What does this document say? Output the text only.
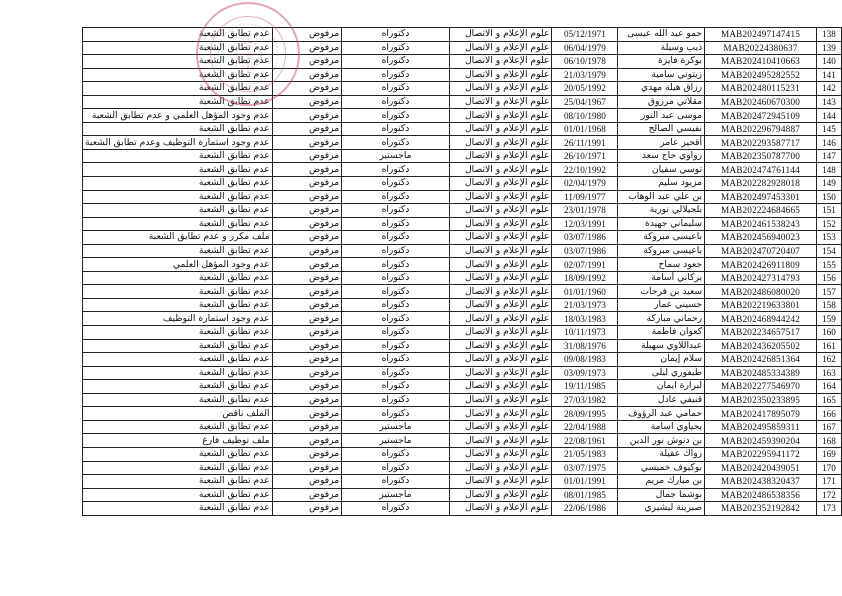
عدم تطابق الشعبة	مرفوض	دكتوراه	علوم الإعلام و الاتصال	05/12/1971	حمو عبد الله عيسى	MAB202497147415	138
عدم تطابق الشعبة	مرفوض	دكتوراه	علوم الإعلام و الاتصال	06/04/1979	ذيب وسيلة	MAB20224380637	139
عدم تطابق الشعبة	مرفوض	دكتوراه	علوم الإعلام و الاتصال	06/10/1978	بوكرة فايزة	MAB202410410663	140
عدم تطابق الشعبة	مرفوض	دكتوراه	علوم الإعلام و الاتصال	21/03/1979	زيتوني سامية	MAB202495282552	141
عدم تطابق الشعبة	مرفوض	دكتوراه	علوم الإعلام و الاتصال	20/05/1992	رزاق هيلة مهدي	MAB202480115231	142
عدم تطابق الشعبة	مرفوض	دكتوراه	علوم الإعلام و الاتصال	25/04/1967	مقلاتي مرزوق	MAB202460670300	143
عدم وجود المؤهل العلمي و عدم تطابق الشعبة	مرفوض	دكتوراه	علوم الإعلام و الاتصال	08/10/1980	موسى عبد النور	MAB202472945109	144
عدم تطابق الشعبة	مرفوض	دكتوراه	علوم الإعلام و الاتصال	01/01/1968	نفيسي الصالح	MAB202296794887	145
عدم وجود استمارة التوظيف وعدم تطابق الشعبة	مرفوض	دكتوراه	علوم الإعلام و الاتصال	26/11/1991	أقحيز عامر	MAB202293587717	146
عدم تطابق الشعبة	مرفوض	ماجستير	علوم الإعلام و الاتصال	26/10/1971	زواوي حاج سعد	MAB202350787700	147
عدم تطابق الشعبة	مرفوض	دكتوراه	علوم الإعلام و الاتصال	22/10/1992	توسي سفيان	MAB202474761144	148
عدم تطابق الشعبة	مرفوض	دكتوراه	علوم الإعلام و الاتصال	02/04/1979	مزيود سليم	MAB202282928018	149
عدم تطابق الشعبة	مرفوض	دكتوراه	علوم الإعلام و الاتصال	11/09/1977	بن علي عبد الوهاب	MAB202497453301	150
عدم تطابق الشعبة	مرفوض	دكتوراه	علوم الإعلام و الاتصال	23/01/1978	بلجيلالي نورية	MAB202224684665	151
عدم تطابق الشعبة	مرفوض	دكتوراه	علوم الإعلام و الاتصال	12/03/1991	سليماني جهيدة	MAB202461538243	152
ملف مكرر و عدم تطابق الشعبة	مرفوض	دكتوراه	علوم الإعلام و الاتصال	03/07/1986	باعيسى مبروكة	MAB202456940023	153
عدم تطابق الشعبة	مرفوض	دكتوراه	علوم الإعلام و الاتصال	03/07/1986	باعيسى مبروكة	MAB202470720407	154
عدم وجود المؤهل العلمي	مرفوض	دكتوراه	علوم الإعلام و الاتصال	02/07/1991	جعود سماح	MAB202426911809	155
عدم تطابق الشعبة	مرفوض	دكتوراه	علوم الإعلام و الاتصال	18/09/1992	بركاني أسامة	MAB202427314793	156
عدم تطابق الشعبة	مرفوض	دكتوراه	علوم الإعلام و الاتصال	01/01/1960	سعيد بن فرحات	MAB202486080020	157
عدم تطابق الشعبة	مرفوض	دكتوراه	علوم الإعلام و الاتصال	21/03/1973	حسيني عمار	MAB202219633801	158
عدم وجود استمارة التوظيف	مرفوض	دكتوراه	علوم الإعلام و الاتصال	18/03/1983	رحماني مباركة	MAB202468944242	159
عدم تطابق الشعبة	مرفوض	دكتوراه	علوم الإعلام و الاتصال	10/11/1973	كعوان فاطمة	MAB202234657517	160
عدم تطابق الشعبة	مرفوض	دكتوراه	علوم الإعلام و الاتصال	31/08/1976	عبداللاوي سهيلة	MAB202436205502	161
عدم تطابق الشعبة	مرفوض	دكتوراه	علوم الإعلام و الاتصال	09/08/1983	سلام إيمان	MAB202426851364	162
عدم تطابق الشعبة	مرفوض	دكتوراه	علوم الإعلام و الاتصال	03/09/1973	طيفوري ليلى	MAB202485334389	163
عدم تطابق الشعبة	مرفوض	دكتوراه	علوم الإعلام و الاتصال	19/11/1985	لبرارة ايمان	MAB202277546970	164
عدم تطابق الشعبة	مرفوض	دكتوراه	علوم الإعلام و الاتصال	27/03/1982	قنيفي عادل	MAB202350233895	165
الملف ناقص	مرفوض	دكتوراه	علوم الإعلام و الاتصال	28/09/1995	حمامي عبد الرؤوف	MAB202417895079	166
عدم تطابق الشعبة	مرفوض	ماجستير	علوم الإعلام و الاتصال	22/04/1988	يحياوي اسامة	MAB202495859311	167
ملف توظيف فارغ	مرفوض	ماجستير	علوم الإعلام و الاتصال	22/08/1961	بن دنوش نور الدين	MAB202459390204	168
عدم تطابق الشعبة	مرفوض	دكتوراه	علوم الإعلام و الاتصال	21/05/1983	زواك عقيلة	MAB202295941172	169
عدم تطابق الشعبة	مرفوض	دكتوراه	علوم الإعلام و الاتصال	03/07/1975	بوكيوف خميسي	MAB202420439051	170
عدم تطابق الشعبة	مرفوض	دكتوراه	علوم الإعلام و الاتصال	01/01/1991	بن مبارك مريم	MAB202438320437	171
عدم تطابق الشعبة	مرفوض	ماجستير	علوم الإعلام و الاتصال	08/01/1985	بوشما جمال	MAB202486538356	172
عدم تطابق الشعبة	مرفوض	دكتوراه	علوم الإعلام و الاتصال	22/06/1986	صبرينة ليشيري	MAB202352192842	173
